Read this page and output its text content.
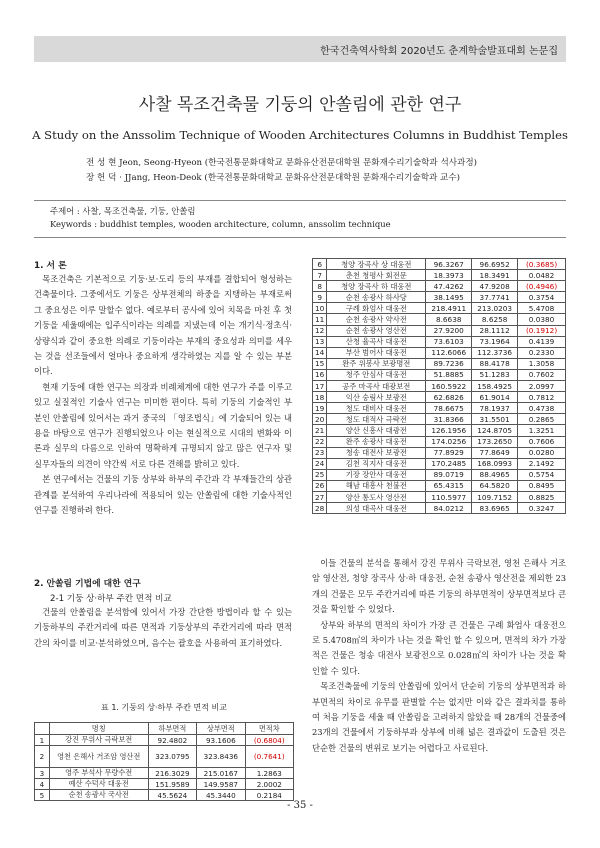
한국건축역사학회 2020년도 춘계학술발표대회 논문집
사찰 목조건축물 기둥의 안쏠림에 관한 연구
A Study on the Anssolim Technique of Wooden Architectures Columns in Buddhist Temples
전 성 현 Jeon, Seong-Hyeon (한국전통문화대학교 문화유산전문대학원 문화재수리기술학과 석사과정)
장 헌 덕 · JJang, Heon-Deok (한국전통문화대학교 문화유산전문대학원 문화재수리기술학과 교수)
주제어 : 사찰, 목조건축물, 기둥, 안쏠림
Keywords : buddhist temples, wooden architecture, column, anssolim technique
1. 서 론

목조건축은 기본적으로 기둥·보·도리 등의 부재를 결합되어 형성하는 건축물이다. 그중에서도 기둥은 상부전체의 하중을 지탱하는 부재로써 그 중요성은 이루 말할수 없다. 예로부터 공사에 있어 치목을 마친 후 첫 기둥을 세울때에는 입주식이라는 의례를 지냈는데 이는 개기식·정초식·상량식과 같이 중요한 의례로 기둥이라는 부재의 중요성과 의미를 세우는 것을 선조들에서 얼마나 중요하게 생각하였는 지를 알 수 있는 부분이다.

현재 기둥에 대한 연구는 의장과 비례체계에 대한 연구가 주를 이루고 있고 실질적인 기술사 연구는 미미한 편이다. 특히 기둥의 기술적인 부분인 안쏠림에 있어서는 과거 중국의 「영조법식」에 기술되어 있는 내용을 바탕으로 연구가 진행되었으나 이는 현실적으로 시대의 변화와 이론과 실무의 다름으로 인하여 명확하게 규명되지 않고 많은 연구자 및 실무자들의 의견이 약간씩 서로 다른 견해를 밝히고 있다.

본 연구에서는 건물의 기둥 상부와 하부의 주간과 각 부재들간의 상관관계를 분석하여 우리나라에 적용되어 있는 안쏠림에 대한 기술사적인 연구를 진행하려 한다.

2. 안쏠림 기법에 대한 연구
2-1 기둥 상·하부 주칸 면적 비교

건물의 안쏠림을 분석함에 있어서 가장 간단한 방법이라 할 수 있는 기둥하부의 주칸거리에 따른 면적과 기둥상부의 주칸거리에 따라 면적간의 차이를 비교·분석하였으며, 음수는 괄호을 사용하여 표기하였다.

표 1. 기둥의 상·하부 주칸 면적 비교
	명칭	하부면적	상부면적	면적차
1	강진 무위사 극락보전	92.4802	93.1606	(0.6804)
2	영천 은해사 거조암 영산전	323.0795	323.8436	(0.7641)
3	영주 부석사 무량수전	216.3029	215.0167	1.2863
4	예산 수덕사 대웅전	151.9589	149.9587	2.0002
5	순천 송광사 국사전	45.5624	45.3440	0.2184
6	청양 장곡사 상 대웅전	96.3267	96.6952	(0.3685)
7	춘천 청평사 회전문	18.3973	18.3491	0.0482
8	청양 장곡사 하 대웅전	47.4262	47.9208	(0.4946)
9	순천 송광사 하사당	38.1495	37.7741	0.3754
10	구례 화엄사 대웅전	218.4911	213.0203	5.4708
11	순천 송광사 약사전	8.6638	8.6258	0.0380
12	순천 송광사 영산전	27.9200	28.1112	(0.1912)
13	산청 율곡사 대웅전	73.6103	73.1964	0.4139
14	부산 범어사 대웅전	112.6066	112.3736	0.2330
15	완주 위봉사 보광명전	89.7236	88.4178	1.3058
16	청주 안심사 대웅전	51.8885	51.1283	0.7602
17	공주 마곡사 대광보전	160.5922	158.4925	2.0997
18	익산 숭림사 보광전	62.6826	61.9014	0.7812
19	청도 대비사 대웅전	78.6675	78.1937	0.4738
20	청도 대적사 극락전	31.8366	31.5501	0.2865
21	양산 신흥사 대광전	126.1956	124.8705	1.3251
22	완주 송광사 대웅전	174.0256	173.2650	0.7606
23	청송 대전사 보광전	77.8929	77.8649	0.0280
24	김천 직지사 대웅전	170.2485	168.0993	2.1492
25	기장 장안사 대웅전	89.0719	88.4965	0.5754
26	해남 대흥사 천불전	65.4315	64.5820	0.8495
27	양산 통도사 영산전	110.5977	109.7152	0.8825
28	의성 대곡사 대웅전	84.0212	83.6965	0.3247

이들 건물의 분석을 통해서 강진 무위사 극락보전, 영천 은해사 거조암 영산전, 청양 장곡사 상·하 대웅전, 순천 송광사 영산전을 제외한 23개의 건물은 모두 주칸거리에 따른 기둥의 하부면적이 상부면적보다 큰 것을 확인할 수 있었다.

상부와 하부의 면적의 차이가 가장 큰 건물은 구례 화엄사 대웅전으로 5.4708㎡의 차이가 나는 것을 확인 할 수 있으며, 면적의 차가 가장 적은 건물은 청송 대전사 보광전으로 0.028㎡의 차이가 나는 것을 확인할 수 있다.

목조건축물에 기둥의 안쏠림에 있어서 단순히 기둥의 상부면적과 하부면적의 차이로 유무를 판별할 수는 없지만 이와 같은 결과치를 통하여 처음 기둥을 세울 때 안쏠림을 고려하지 않았을 때 28개의 건물중에 23개의 건물에서 기둥하부과 상부에 비해 넓은 결과값이 도출된 것은 단순한 건물의 변위로 보기는 어렵다고 사료된다.

- 35 -
